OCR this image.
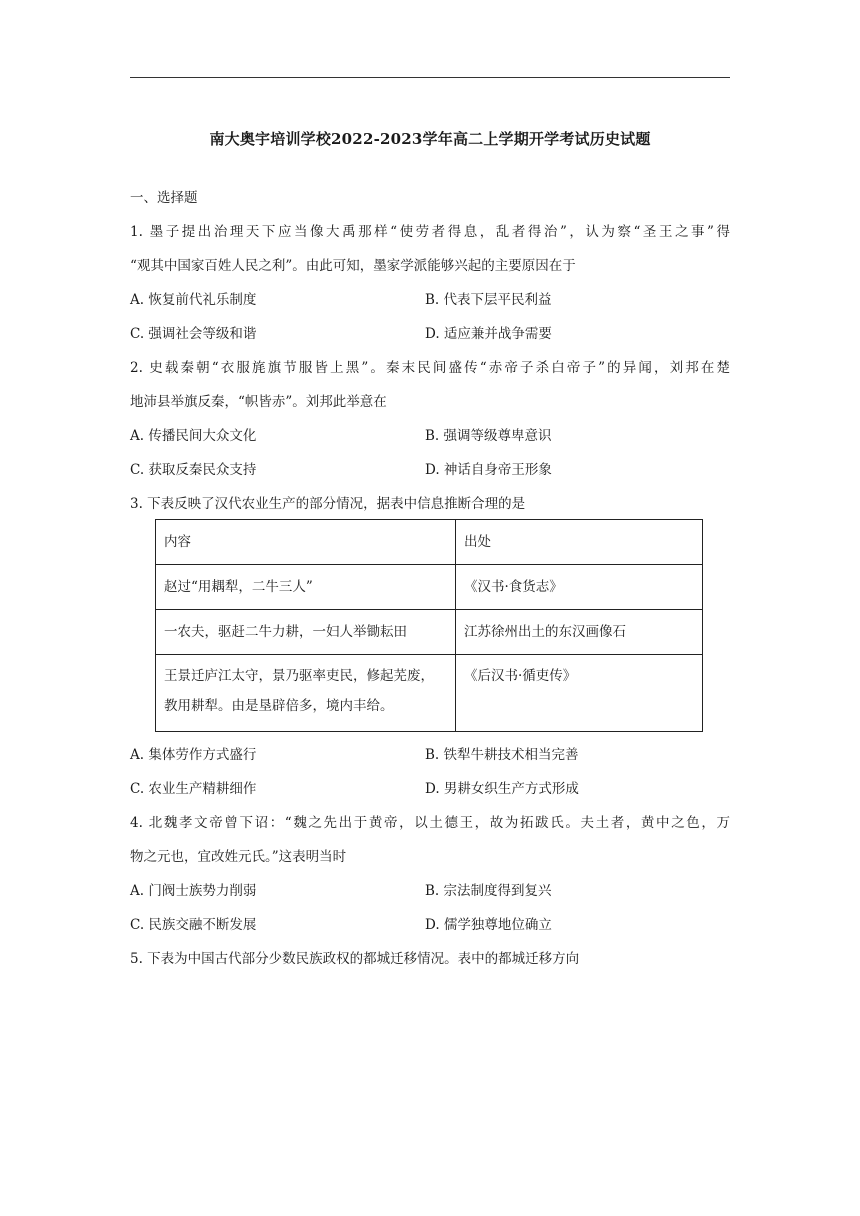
南大奥宇培训学校2022-2023学年高二上学期开学考试历史试题
一、选择题
1. 墨子提出治理天下应当像大禹那样“使劳者得息，乱者得治”，认为察“圣王之事”得
“观其中国家百姓人民之利”。由此可知，墨家学派能够兴起的主要原因在于
A. 恢复前代礼乐制度	B. 代表下层平民利益
C. 强调社会等级和谐	D. 适应兼并战争需要
2. 史载秦朝“衣服旄旗节服皆上黑”。秦末民间盛传“赤帝子杀白帝子”的异闻，刘邦在楚
地沛县举旗反秦，“帜皆赤”。刘邦此举意在
A. 传播民间大众文化	B. 强调等级尊卑意识
C. 获取反秦民众支持	D. 神话自身帝王形象
3. 下表反映了汉代农业生产的部分情况，据表中信息推断合理的是
内容	出处
赵过“用耦犁，二牛三人”	《汉书·食货志》
一农夫，驱赶二牛力耕，一妇人举锄耘田	江苏徐州出土的东汉画像石

王景迁庐江太守，景乃驱率吏民，修起芜废，
教用耕犁。由是垦辟倍多，境内丰给。	《后汉书·循吏传》
A. 集体劳作方式盛行	B. 铁犁牛耕技术相当完善
C. 农业生产精耕细作	D. 男耕女织生产方式形成
4. 北魏孝文帝曾下诏：“魏之先出于黄帝，以土德王，故为拓跋氏。夫土者，黄中之色，万
物之元也，宜改姓元氏。”这表明当时
A. 门阀士族势力削弱	B. 宗法制度得到复兴
C. 民族交融不断发展	D. 儒学独尊地位确立
5. 下表为中国古代部分少数民族政权的都城迁移情况。表中的都城迁移方向
